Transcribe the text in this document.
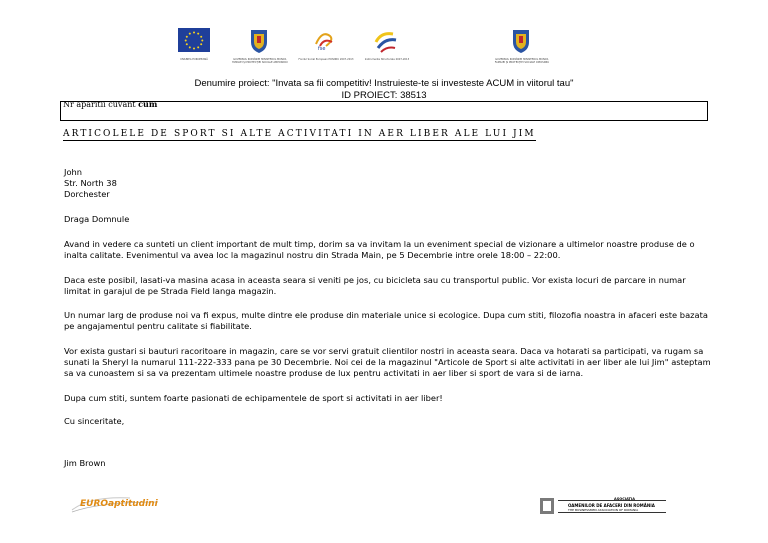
UNIUNEA EUROPEANĂ	GUVERNUL ROMÂNIEI MINISTERUL MUNCII, FAMILIEI ŞI PROTECŢIEI SOCIALE AMPOSDRU
fse
Fondul Social European POSDRU 2007-2013	Instrumente Structurale 2007-2013	GUVERNUL ROMÂNIEI MINISTERUL MUNCII, FAMILIEI ŞI PROTECŢIEI SOCIALE OIPOSDRU
Denumire proiect: "Invata sa fii competitiv! Instruieste-te si investeste ACUM in viitorul tau"
ID PROIECT: 38513
Nr aparitii cuvant cum
ARTICOLELE DE SPORT SI ALTE ACTIVITATI IN AER LIBER ALE LUI JIM

John

Str. North 38

Dorchester

Draga Domnule

Avand in vedere ca sunteti un client important de mult timp, dorim sa va invitam la un eveniment special de vizionare a ultimelor noastre produse de o inalta calitate. Evenimentul va avea loc la magazinul nostru din Strada Main, pe 5 Decembrie intre orele 18:00 – 22:00.

Daca este posibil, lasati-va masina acasa in aceasta seara si veniti pe jos, cu bicicleta sau cu transportul public. Vor exista locuri de parcare in numar limitat in garajul de pe Strada Field langa magazin.

Un numar larg de produse noi va fi expus, multe dintre ele produse din materiale unice si ecologice. Dupa cum stiti, filozofia noastra in afaceri este bazata pe angajamentul pentru calitate si fiabilitate.

Vor exista gustari si bauturi racoritoare in magazin, care se vor servi gratuit clientilor nostri in aceasta seara. Daca va hotarati sa participati, va rugam sa sunati la Sheryl la numarul 111-222-333 pana pe 30 Decembrie. Noi cei de la magazinul "Articole de Sport si alte activitati in aer liber ale lui Jim" asteptam sa va cunoastem si sa va prezentam ultimele noastre produse de lux pentru activitati in aer liber si sport de vara si de iarna.

Dupa cum stiti, suntem foarte pasionati de echipamentele de sport si activitati in aer liber!

Cu sinceritate,

Jim Brown

EUROaptitudini	ASOCIAŢIA
OAMENILOR DE AFACERI DIN ROMÂNIA
THE BUSINESSMEN ASSOCIATION OF ROMANIA
